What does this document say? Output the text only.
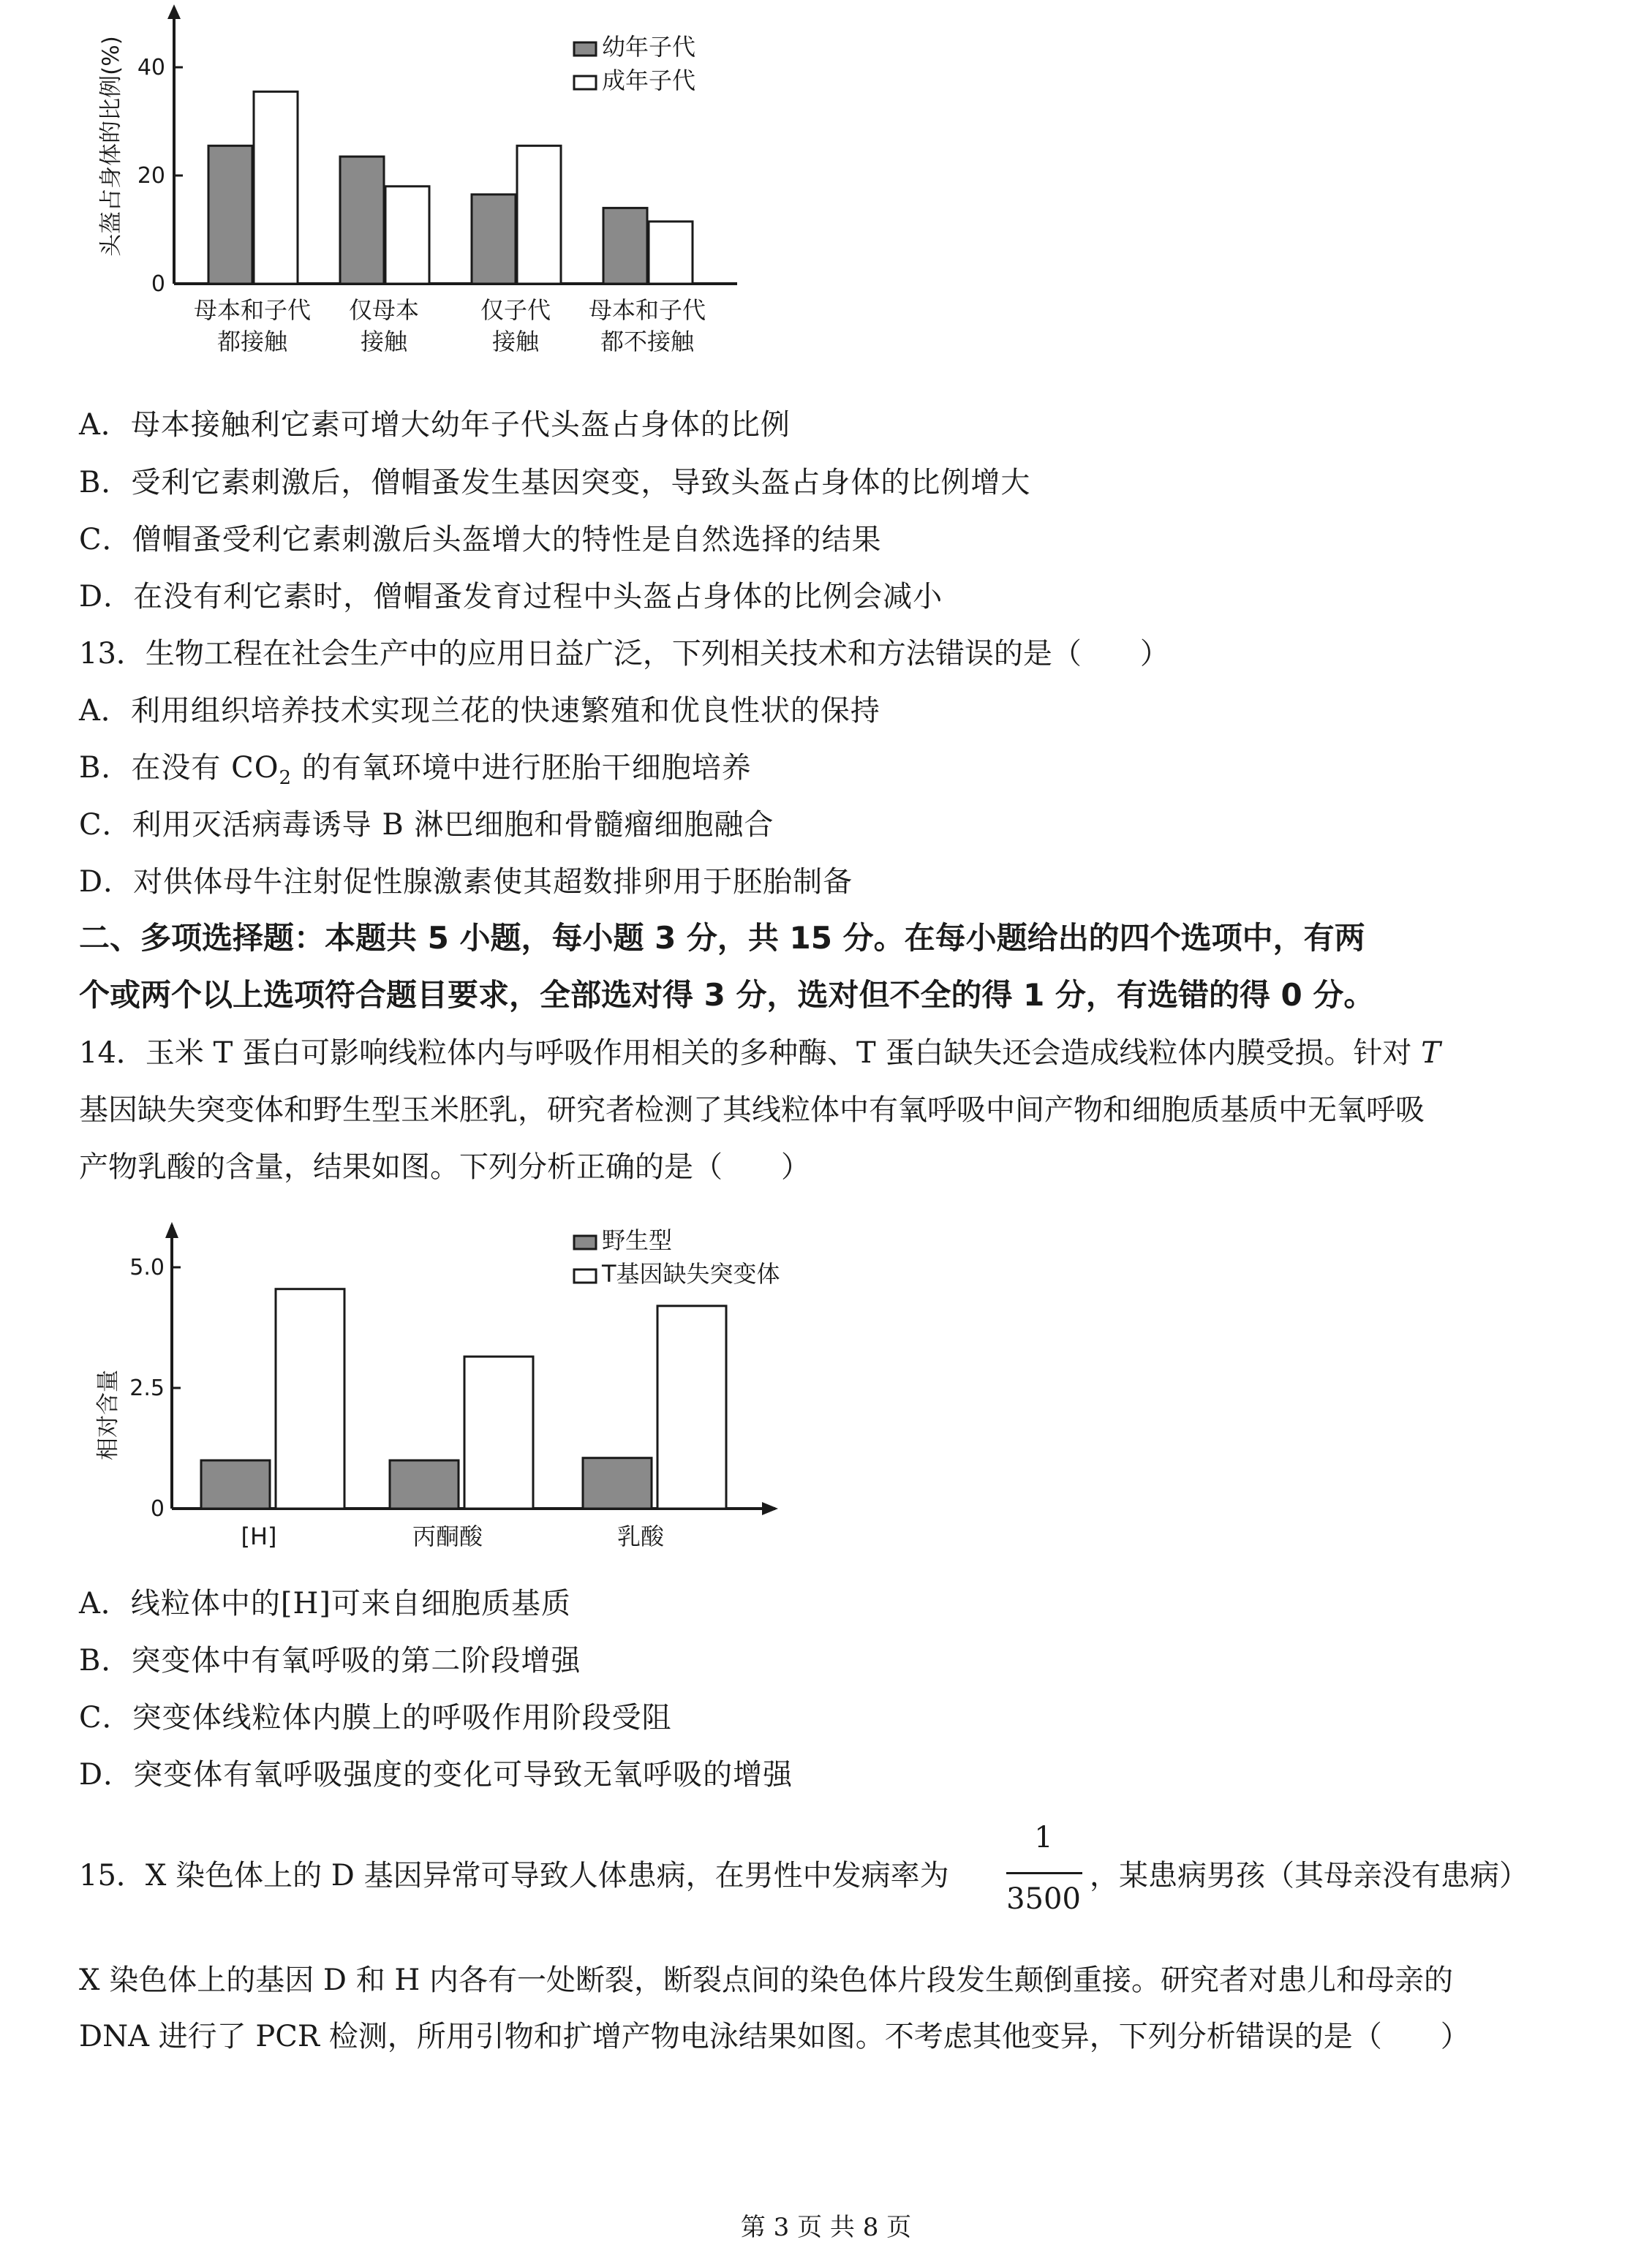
0
20
40
头盔占身体的比例(%)
母本和子代
都接触
仅母本
接触
仅子代
接触
母本和子代
都不接触
幼年子代
成年子代
A．母本接触利它素可增大幼年子代头盔占身体的比例
B．受利它素刺激后，僧帽蚤发生基因突变，导致头盔占身体的比例增大
C．僧帽蚤受利它素刺激后头盔增大的特性是自然选择的结果
D．在没有利它素时，僧帽蚤发育过程中头盔占身体的比例会减小
13．生物工程在社会生产中的应用日益广泛，下列相关技术和方法错误的是（　　）
A．利用组织培养技术实现兰花的快速繁殖和优良性状的保持
B．在没有 $CO_2$ 的有氧环境中进行胚胎干细胞培养
C．利用灭活病毒诱导 B 淋巴细胞和骨髓瘤细胞融合
D．对供体母牛注射促性腺激素使其超数排卵用于胚胎制备
二、多项选择题：本题共 5 小题，每小题 3 分，共 15 分。在每小题给出的四个选项中，有两
个或两个以上选项符合题目要求，全部选对得 3 分，选对但不全的得 1 分，有选错的得 0 分。
14．玉米 T 蛋白可影响线粒体内与呼吸作用相关的多种酶、T 蛋白缺失还会造成线粒体内膜受损。针对 T
基因缺失突变体和野生型玉米胚乳，研究者检测了其线粒体中有氧呼吸中间产物和细胞质基质中无氧呼吸
产物乳酸的含量，结果如图。下列分析正确的是（　　）
0
2.5
5.0
相对含量
[H]	丙酮酸	乳酸
野生型
T基因缺失突变体
A．线粒体中的[H]可来自细胞质基质
B．突变体中有氧呼吸的第二阶段增强
C．突变体线粒体内膜上的呼吸作用阶段受阻
D．突变体有氧呼吸强度的变化可导致无氧呼吸的增强
15．X 染色体上的 D 基因异常可导致人体患病，在男性中发病率为
1
3500
，某患病男孩（其母亲没有患病）
X 染色体上的基因 D 和 H 内各有一处断裂，断裂点间的染色体片段发生颠倒重接。研究者对患儿和母亲的
DNA 进行了 PCR 检测，所用引物和扩增产物电泳结果如图。不考虑其他变异，下列分析错误的是（　　）
第 3 页 共 8 页
